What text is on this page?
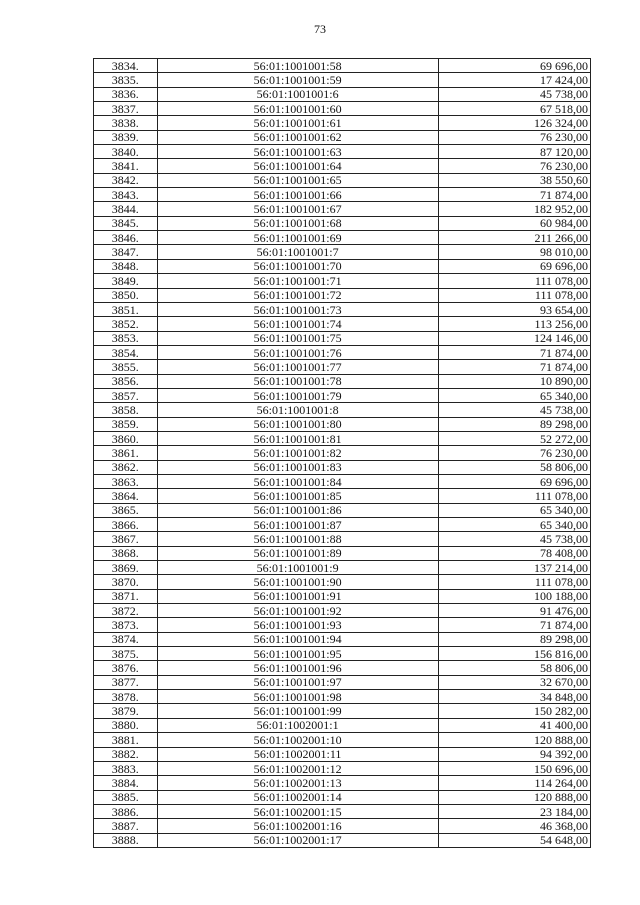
73
3834.	56:01:1001001:58	69 696,00
3835.	56:01:1001001:59	17 424,00
3836.	56:01:1001001:6	45 738,00
3837.	56:01:1001001:60	67 518,00
3838.	56:01:1001001:61	126 324,00
3839.	56:01:1001001:62	76 230,00
3840.	56:01:1001001:63	87 120,00
3841.	56:01:1001001:64	76 230,00
3842.	56:01:1001001:65	38 550,60
3843.	56:01:1001001:66	71 874,00
3844.	56:01:1001001:67	182 952,00
3845.	56:01:1001001:68	60 984,00
3846.	56:01:1001001:69	211 266,00
3847.	56:01:1001001:7	98 010,00
3848.	56:01:1001001:70	69 696,00
3849.	56:01:1001001:71	111 078,00
3850.	56:01:1001001:72	111 078,00
3851.	56:01:1001001:73	93 654,00
3852.	56:01:1001001:74	113 256,00
3853.	56:01:1001001:75	124 146,00
3854.	56:01:1001001:76	71 874,00
3855.	56:01:1001001:77	71 874,00
3856.	56:01:1001001:78	10 890,00
3857.	56:01:1001001:79	65 340,00
3858.	56:01:1001001:8	45 738,00
3859.	56:01:1001001:80	89 298,00
3860.	56:01:1001001:81	52 272,00
3861.	56:01:1001001:82	76 230,00
3862.	56:01:1001001:83	58 806,00
3863.	56:01:1001001:84	69 696,00
3864.	56:01:1001001:85	111 078,00
3865.	56:01:1001001:86	65 340,00
3866.	56:01:1001001:87	65 340,00
3867.	56:01:1001001:88	45 738,00
3868.	56:01:1001001:89	78 408,00
3869.	56:01:1001001:9	137 214,00
3870.	56:01:1001001:90	111 078,00
3871.	56:01:1001001:91	100 188,00
3872.	56:01:1001001:92	91 476,00
3873.	56:01:1001001:93	71 874,00
3874.	56:01:1001001:94	89 298,00
3875.	56:01:1001001:95	156 816,00
3876.	56:01:1001001:96	58 806,00
3877.	56:01:1001001:97	32 670,00
3878.	56:01:1001001:98	34 848,00
3879.	56:01:1001001:99	150 282,00
3880.	56:01:1002001:1	41 400,00
3881.	56:01:1002001:10	120 888,00
3882.	56:01:1002001:11	94 392,00
3883.	56:01:1002001:12	150 696,00
3884.	56:01:1002001:13	114 264,00
3885.	56:01:1002001:14	120 888,00
3886.	56:01:1002001:15	23 184,00
3887.	56:01:1002001:16	46 368,00
3888.	56:01:1002001:17	54 648,00
